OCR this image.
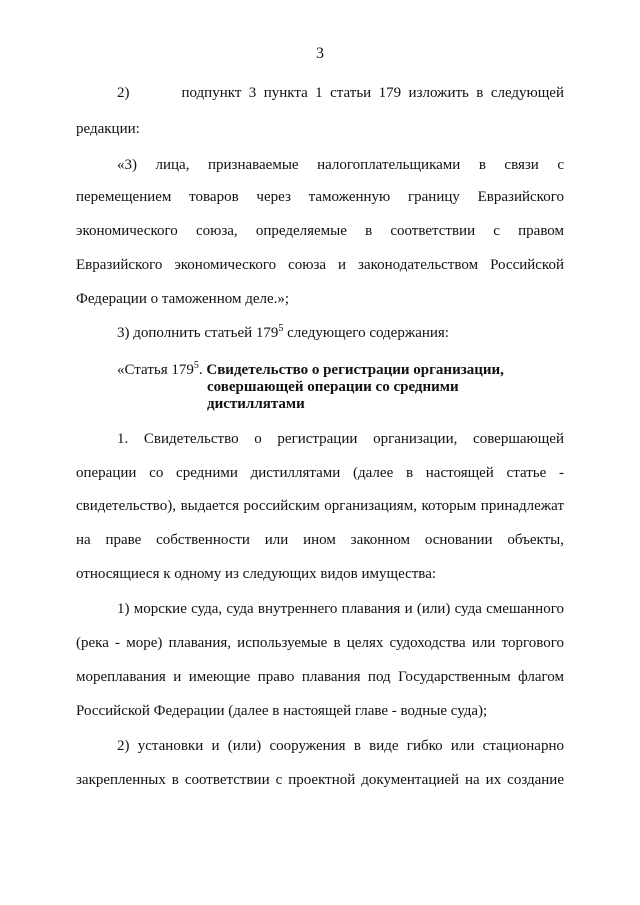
3
2)       подпункт 3 пункта 1 статьи 179 изложить в следующей
редакции:
«3) лица, признаваемые налогоплательщиками в связи с
перемещением товаров через таможенную границу Евразийского
экономического союза, определяемые в соответствии с правом
Евразийского экономического союза и законодательством Российской
Федерации о таможенном деле.»;
3) дополнить статьей $179^5$ следующего содержания:
«Статья $179^5$. Свидетельство о регистрации организации,
совершающей операции со средними
дистиллятами
1. Свидетельство о регистрации организации, совершающей
операции со средними дистиллятами (далее в настоящей статье -
свидетельство), выдается российским организациям, которым принадлежат
на праве собственности или ином законном основании объекты,
относящиеся к одному из следующих видов имущества:
1) морские суда, суда внутреннего плавания и (или) суда смешанного
(река - море) плавания, используемые в целях судоходства или торгового
мореплавания и имеющие право плавания под Государственным флагом
Российской Федерации (далее в настоящей главе - водные суда);
2) установки и (или) сооружения в виде гибко или стационарно
закрепленных в соответствии с проектной документацией на их создание
